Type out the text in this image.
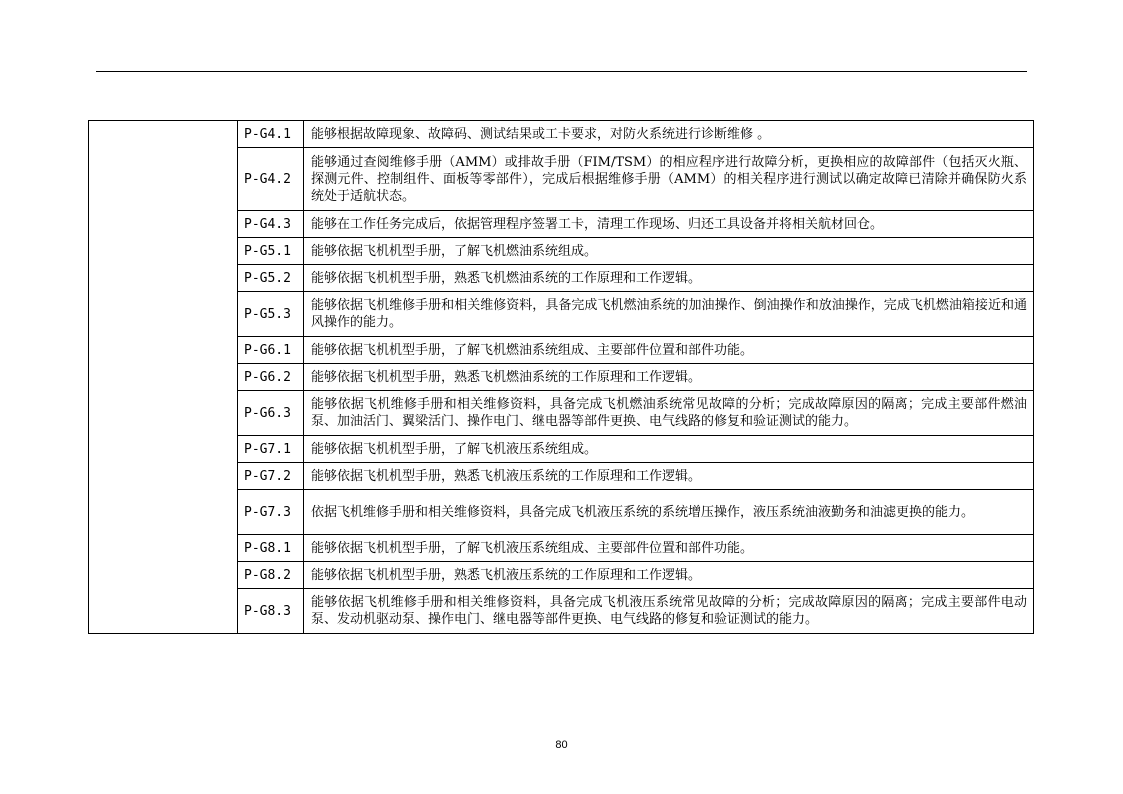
	P-G4.1	能够根据故障现象、故障码、测试结果或工卡要求，对防火系统进行诊断维修 。
	P-G4.2	能够通过查阅维修手册（AMM）或排故手册（FIM/TSM）的相应程序进行故障分析，更换相应的故障部件（包括灭火瓶、探测元件、控制组件、面板等零部件），完成后根据维修手册（AMM）的相关程序进行测试以确定故障已清除并确保防火系统处于适航状态。
	P-G4.3	能够在工作任务完成后，依据管理程序签署工卡，清理工作现场、归还工具设备并将相关航材回仓。
	P-G5.1	能够依据飞机机型手册，了解飞机燃油系统组成。
	P-G5.2	能够依据飞机机型手册，熟悉飞机燃油系统的工作原理和工作逻辑。
	P-G5.3	能够依据飞机维修手册和相关维修资料，具备完成飞机燃油系统的加油操作、倒油操作和放油操作，完成飞机燃油箱接近和通风操作的能力。
	P-G6.1	能够依据飞机机型手册，了解飞机燃油系统组成、主要部件位置和部件功能。
	P-G6.2	能够依据飞机机型手册，熟悉飞机燃油系统的工作原理和工作逻辑。
	P-G6.3	能够依据飞机维修手册和相关维修资料，具备完成飞机燃油系统常见故障的分析；完成故障原因的隔离；完成主要部件燃油泵、加油活门、翼梁活门、操作电门、继电器等部件更换、电气线路的修复和验证测试的能力。
	P-G7.1	能够依据飞机机型手册，了解飞机液压系统组成。
	P-G7.2	能够依据飞机机型手册，熟悉飞机液压系统的工作原理和工作逻辑。
	P-G7.3	依据飞机维修手册和相关维修资料，具备完成飞机液压系统的系统增压操作，液压系统油液勤务和油滤更换的能力。
	P-G8.1	能够依据飞机机型手册，了解飞机液压系统组成、主要部件位置和部件功能。
	P-G8.2	能够依据飞机机型手册，熟悉飞机液压系统的工作原理和工作逻辑。
	P-G8.3	能够依据飞机维修手册和相关维修资料，具备完成飞机液压系统常见故障的分析；完成故障原因的隔离；完成主要部件电动泵、发动机驱动泵、操作电门、继电器等部件更换、电气线路的修复和验证测试的能力。
80
